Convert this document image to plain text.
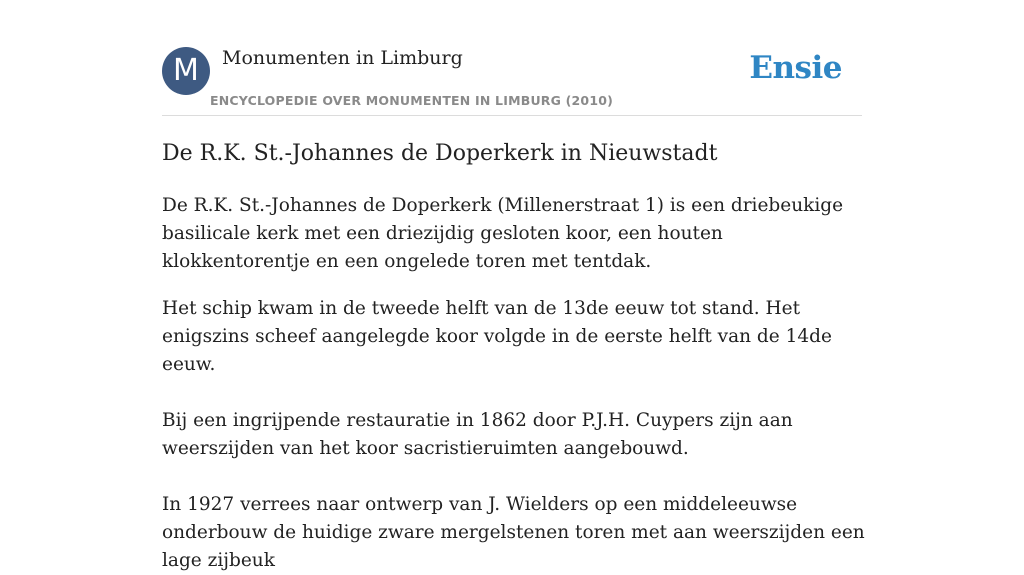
M	Monumenten in Limburg
ENCYCLOPEDIE OVER MONUMENTEN IN LIMBURG (2010)
Ensie
De R.K. St.-Johannes de Doperkerk in Nieuwstadt

De R.K. St.-Johannes de Doperkerk (Millenerstraat 1) is een driebeukige basilicale kerk met een driezijdig gesloten koor, een houten klokkentorentje en een ongelede toren met tentdak.

Het schip kwam in de tweede helft van de 13de eeuw tot stand. Het enigszins scheef aangelegde koor volgde in de eerste helft van de 14de eeuw.

Bij een ingrijpende restauratie in 1862 door P.J.H. Cuypers zijn aan weerszijden van het koor sacristieruimten aangebouwd.

In 1927 verrees naar ontwerp van J. Wielders op een middeleeuwse onderbouw de huidige zware mergelstenen toren met aan weerszijden een lage zijbeuk
